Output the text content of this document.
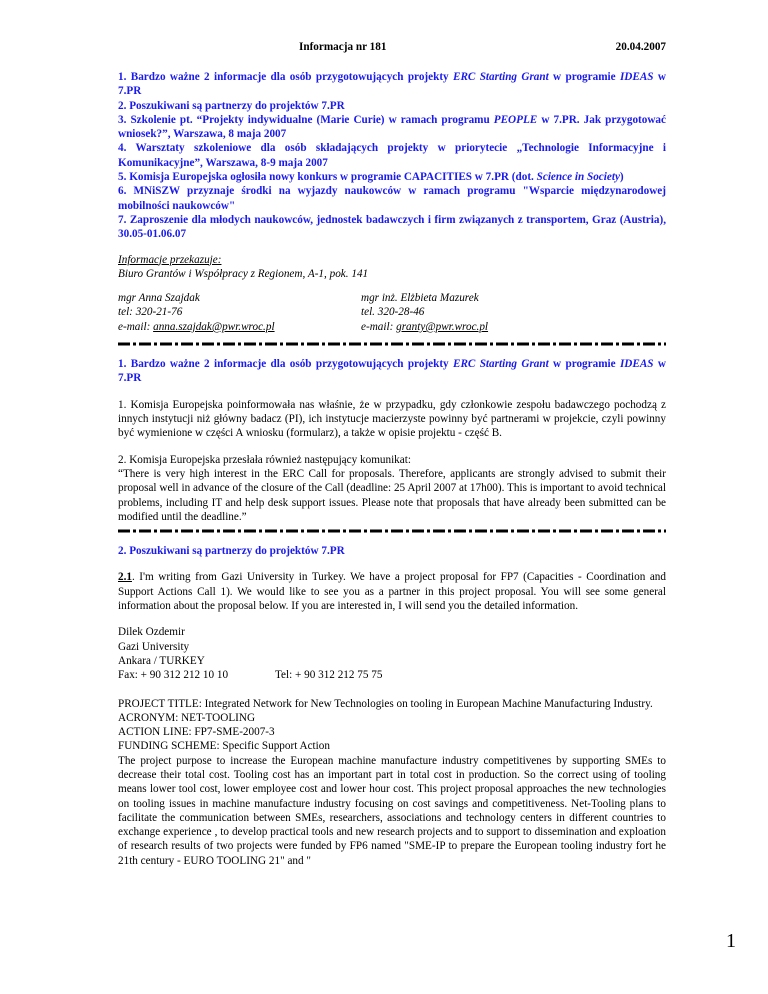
Informacja nr 181	20.04.2007
1. Bardzo ważne 2 informacje dla osób przygotowujących projekty ERC Starting Grant w programie IDEAS w 7.PR
2. Poszukiwani są partnerzy do projektów 7.PR
3. Szkolenie pt. “Projekty indywidualne (Marie Curie) w ramach programu PEOPLE w 7.PR. Jak przygotować wniosek?”, Warszawa, 8 maja 2007
4. Warsztaty szkoleniowe dla osób składających projekty w priorytecie „Technologie Informacyjne i Komunikacyjne”, Warszawa, 8-9 maja 2007
5. Komisja Europejska ogłosiła nowy konkurs w programie CAPACITIES w 7.PR (dot. Science in Society)
6. MNiSZW przyznaje środki na wyjazdy naukowców w ramach programu "Wsparcie międzynarodowej mobilności naukowców"
7. Zaproszenie dla młodych naukowców, jednostek badawczych i firm związanych z transportem, Graz (Austria), 30.05-01.06.07
Informacje przekazuje:
Biuro Grantów i Współpracy z Regionem, A-1, pok. 141
mgr Anna Szajdak
tel: 320-21-76
e-mail: anna.szajdak@pwr.wroc.pl
mgr inż. Elżbieta Mazurek
tel. 320-28-46
e-mail: granty@pwr.wroc.pl
1. Bardzo ważne 2 informacje dla osób przygotowujących projekty ERC Starting Grant w programie IDEAS w 7.PR
1. Komisja Europejska poinformowała nas właśnie, że w przypadku, gdy członkowie zespołu badawczego pochodzą z innych instytucji niż główny badacz (PI), ich instytucje macierzyste powinny być partnerami w projekcie, czyli powinny być wymienione w części A wniosku (formularz), a także w opisie projektu - część B.
2. Komisja Europejska przesłała również następujący komunikat:
“There is very high interest in the ERC Call for proposals. Therefore, applicants are strongly advised to submit their proposal well in advance of the closure of the Call (deadline: 25 April 2007 at 17h00). This is important to avoid technical problems, including IT and help desk support issues. Please note that proposals that have already been submitted can be modified until the deadline.”
2. Poszukiwani są partnerzy do projektów 7.PR
2.1. I'm writing from Gazi University in Turkey. We have a project proposal for FP7 (Capacities - Coordination and Support Actions Call 1). We would like to see you as a partner in this project proposal. You will see some general information about the proposal below. If you are interested in, I will send you the detailed information.
Dilek Ozdemir
Gazi University
Ankara / TURKEY
Fax: + 90 312 212 10 10	Tel: + 90 312 212 75 75
PROJECT TITLE: Integrated Network for New Technologies on tooling in European Machine Manufacturing Industry.
ACRONYM: NET-TOOLING
ACTION LINE: FP7-SME-2007-3
FUNDING SCHEME: Specific Support Action
The project purpose to increase the European machine manufacture industry competitivenes by supporting SMEs to decrease their total cost. Tooling cost has an important part in total cost in production. So the correct using of tooling means lower tool cost, lower employee cost and lower hour cost. This project proposal approaches the new technologies on tooling issues in machine manufacture industry focusing on cost savings and competitiveness. Net-Tooling plans to facilitate the communication between SMEs, researchers, associations and technology centers in different countries to exchange experience , to develop practical tools and new research projects and to support to dissemination and exploation of research results of two projects were funded by FP6 named "SME-IP to prepare the European tooling industry fort he 21th century - EURO TOOLING 21" and "
1
